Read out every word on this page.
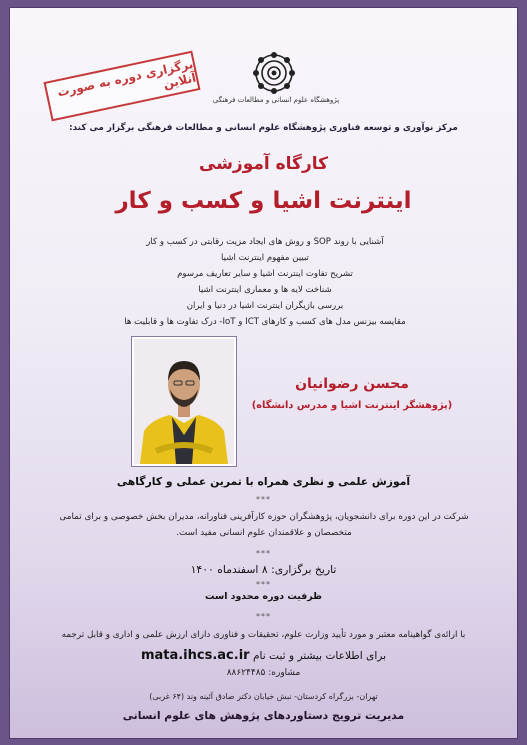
برگزاری دوره به صورت آنلاین
پژوهشگاه علوم انسانی و مطالعات فرهنگی
مرکز نوآوری و توسعه فناوری پژوهشگاه علوم انسانی و مطالعات فرهنگی برگزار می کند:
کارگاه آموزشی
اینترنت اشیا و کسب و کار
آشنایی با روند SOP و روش های ایجاد مزیت رقابتی در کسب و کار
تبیین مفهوم اینترنت اشیا
تشریح تفاوت اینترنت اشیا و سایر تعاریف مرسوم
شناخت لایه ها و معماری اینترنت اشیا
بررسی بازیگران اینترنت اشیا در دنیا و ایران
مقایسه بیزنس مدل های کسب و کارهای ICT و IoT- درک تفاوت ها و قابلیت ها
محسن رضوانیان
(پژوهشگر اینترنت اشیا و مدرس دانشگاه)
آموزش علمی و نظری همراه با تمرین عملی و کارگاهی
***
شرکت در این دوره برای دانشجویان، پژوهشگران حوزه کارآفرینی فناورانه، مدیران بخش خصوصی و برای تمامی متخصصان و علاقمندان علوم انسانی مفید است.
***
تاریخ برگزاری: ۸ اسفندماه ۱۴۰۰
***
ظرفیت دوره محدود است
***
با ارائه‌ی گواهینامه معتبر و مورد تأیید وزارت علوم، تحقیقات و فناوری دارای ارزش علمی و اداری و قابل ترجمه
برای اطلاعات بیشتر و ثبت نام mata.ihcs.ac.ir
مشاوره: ۸۸۶۲۴۴۸۵
تهران- بزرگراه کردستان- نبش خیابان دکتر صادق آئینه وند (۶۴ غربی)
مدیریت ترویج دستاوردهای پژوهش های علوم انسانی
